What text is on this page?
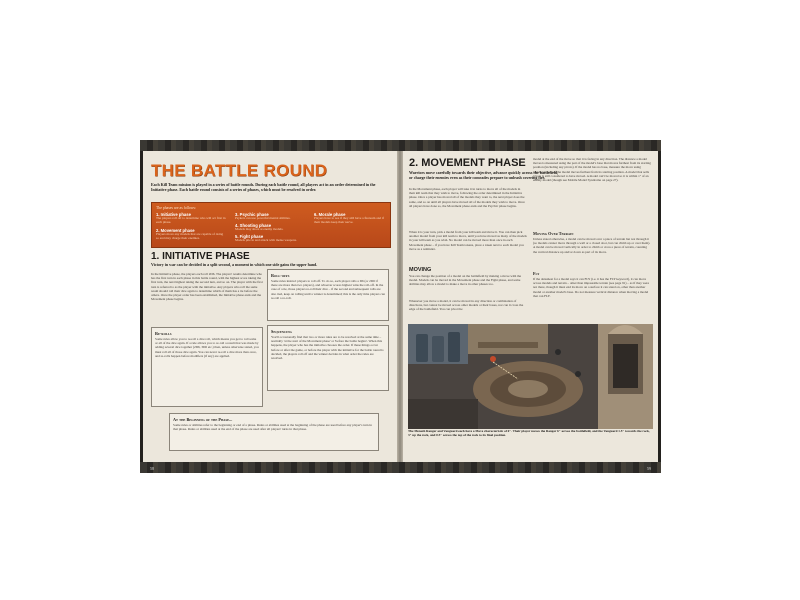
THE BATTLE ROUND
Each Kill Team mission is played in a series of battle rounds. During each battle round, all players act in an order determined in the Initiative phase. Each battle round consists of a series of phases, which must be resolved in order.
The phases are as follows:
1. Initiative phase
The players roll off to determine who will act first in each phase.
2. Movement phase
Players move any models that are capable of doing so and may charge their enemies.
3. Psychic phase
Psykers can use powerful mental abilities.
4. Shooting phase
Models may shoot at enemy models.
5. Fight phase
Models pile in and attack with melee weapons.
6. Morale phase
Players have to see if they still have a fireteam and if their models keep their nerve.
1. INITIATIVE PHASE
Victory in war can be decided in a split second, a moment in which one side gains the upper hand.
In the Initiative phase, the players each roll 2D6. The players' results determine who has the first turn in each phase in this battle round, with the highest score taking the first turn, the next highest taking the second turn, and so on. The player with the first turn is referred to as the player with the initiative. Any players who roll the same result should roll their dice again to determine which of them has a tie before the others. Once the player order has been established, the Initiative phase ends and the Movement phase begins.
Roll-offs
Some rules instruct players to roll off. To do so, each player rolls a D6 (or 2D6 if there are more than two players), and whoever scores highest wins the roll-off. In the case of a tie, those players re-roll their dice – if the second and subsequent rolls are also tied, keep on rolling until a winner is determined; this is the only time players can re-roll a re-roll.
Re-rolls
Some rules allow you to re-roll a dice roll, which means you get to roll some or all of the dice again. If a rule allows you to re-roll a result that was made by adding several dice together (2D6, 3D6 etc.) then, unless otherwise stated, you must roll all of those dice again. You can never re-roll a dice more than once, and re-rolls happen before modifiers (if any) are applied.
Sequencing
You'll occasionally find that two or more rules are to be resolved at the same time – normally 'at the start of the Movement phase' or 'before the battle begins'. When this happens, the player who has the initiative chooses the order. If these things occur before or after the game, or before the player with the initiative for the battle round is decided, the players roll off and the winner decides in what order the rules are resolved.
At the Beginning of the Phase...
Some rules or abilities refer to the beginning or end of a phase. Rules or abilities used at the beginning of the phase are used before any player's turn in that phase. Rules or abilities used at the end of the phase are used after all players' turns in that phase.
2. MOVEMENT PHASE
Warriors move carefully towards their objective, advance quickly across the battlefield, or charge their enemies even as their comrades prepare to unleash covering fire.
In the Movement phase, each player will take it in turns to move all of the models in their kill team that they wish to move, following the order determined in the Initiative phase. Once a player has moved all of the models they want to, the next player does the same, and so on until all players have moved all of the models they wish to move. Once all players have done so, the Movement phase ends and the Psychic phase begins.
When it is your turn, pick a model from your kill team and move it. You can then pick another model from your kill team to move, until you have moved as many of the models in your kill team as you wish. No model can be moved more than once in each Movement phase – if you have Kill Team tokens, place a token next to each model you move as a reminder.
MOVING
You can change the position of a model on the battlefield by making a move with the model. Models can be moved in the Movement phase and the Fight phase, and some abilities may allow a model to make a move in other phases too.
Whenever you move a model, it can be moved in any direction or combination of directions, but cannot be moved across other models or their bases, nor can it cross the edge of the battlefield. You can pivot the
model at the end of the move so that it is facing in any direction. The distance a model moves is measured using the part of the model's base that moves furthest from its starting position (including any pivots). If the model has no base, measure the move using whichever part of the model moves furthest from its starting position. A model that sells pivots is still considered to have moved. A model can't be moved so it is within 1" of an enemy model (though see Mobile Model Syndrome on page 27).
Moving Over Terrain
Unless stated otherwise, a model can be moved over a piece of terrain but not through it (so models cannot move through a wall or a closed door, but can climb up or over them). A model can be moved vertically in order to climb or cross a piece of terrain, counting the vertical distance up and/or down as part of its move.
Fly
If the datasheet for a model says it can FLY (i.e. it has the FLY keyword), it can move across models and terrain – other than impassable terrain (see page 91) – as if they were not there, though it must end its move on a surface it can stand on, other than another model or another model's base. Do not measure vertical distance when moving a model that can FLY.
The Menoth Ranger and Vanguard each have a Move characteristic of 6". Their player moves the Ranger 6" across the battlefield, and the Vanguard 1.5" towards the rock, 3" up the rock, and 0.5" across the top of the rock to its final position.
58	59
